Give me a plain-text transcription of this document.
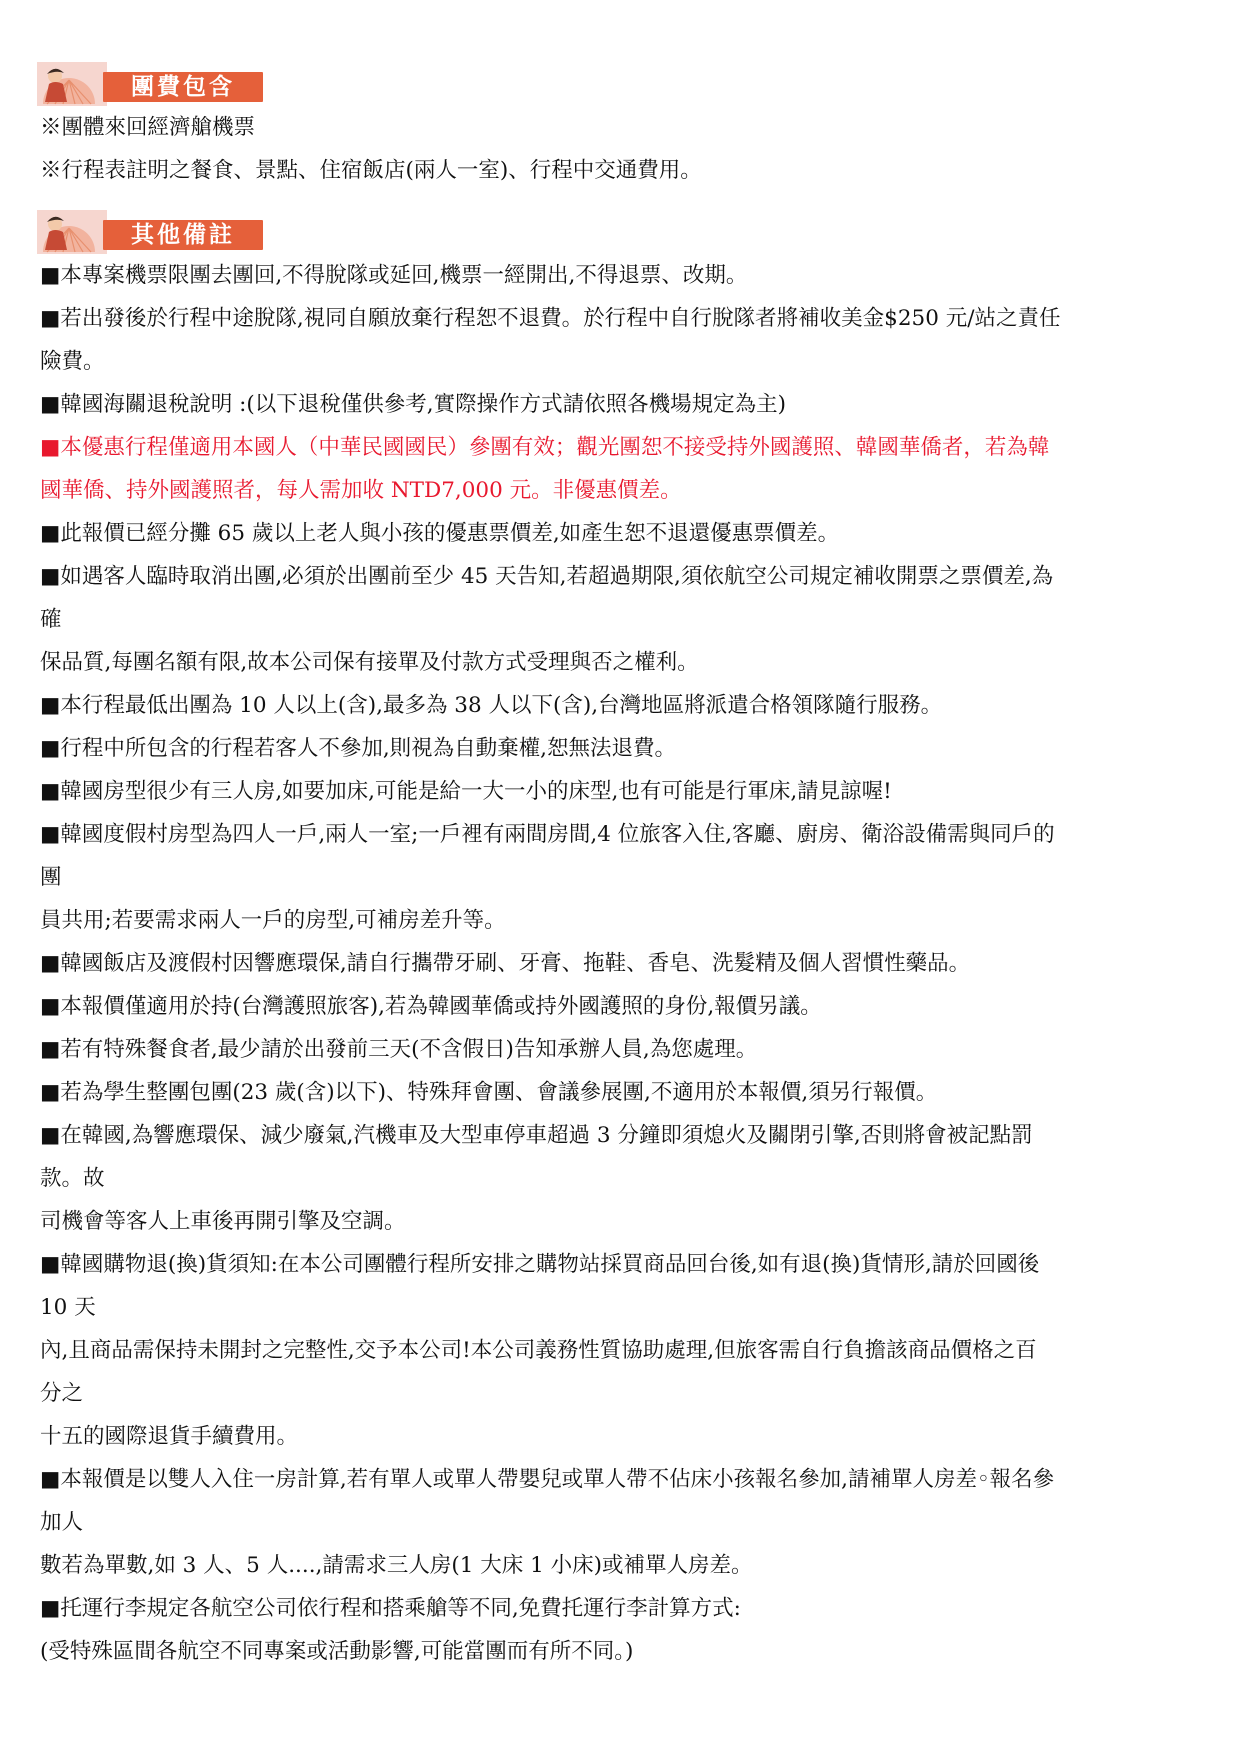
團費包含

※團體來回經濟艙機票

※行程表註明之餐食、景點、住宿飯店(兩人一室)、行程中交通費用。

其他備註

■本專案機票限團去團回,不得脫隊或延回,機票一經開出,不得退票、改期。

■若出發後於行程中途脫隊,視同自願放棄行程恕不退費。於行程中自行脫隊者將補收美金$250 元/站之責任

險費。

■韓國海關退稅說明 :(以下退稅僅供參考,實際操作方式請依照各機場規定為主)

■本優惠行程僅適用本國人（中華民國國民）參團有效；觀光團恕不接受持外國護照、韓國華僑者，若為韓

國華僑、持外國護照者，每人需加收 NTD7,000 元。非優惠價差。

■此報價已經分攤 65 歲以上老人與小孩的優惠票價差,如產生恕不退還優惠票價差。

■如遇客人臨時取消出團,必須於出團前至少 45 天告知,若超過期限,須依航空公司規定補收開票之票價差,為

確

保品質,每團名額有限,故本公司保有接單及付款方式受理與否之權利。

■本行程最低出團為 10 人以上(含),最多為 38 人以下(含),台灣地區將派遣合格領隊隨行服務。

■行程中所包含的行程若客人不參加,則視為自動棄權,恕無法退費。

■韓國房型很少有三人房,如要加床,可能是給一大一小的床型,也有可能是行軍床,請見諒喔!

■韓國度假村房型為四人一戶,兩人一室;一戶裡有兩間房間,4 位旅客入住,客廳、廚房、衛浴設備需與同戶的

團

員共用;若要需求兩人一戶的房型,可補房差升等。

■韓國飯店及渡假村因響應環保,請自行攜帶牙刷、牙膏、拖鞋、香皂、洗髮精及個人習慣性藥品。

■本報價僅適用於持(台灣護照旅客),若為韓國華僑或持外國護照的身份,報價另議。

■若有特殊餐食者,最少請於出發前三天(不含假日)告知承辦人員,為您處理。

■若為學生整團包團(23 歲(含)以下)、特殊拜會團、會議參展團,不適用於本報價,須另行報價。

■在韓國,為響應環保、減少廢氣,汽機車及大型車停車超過 3 分鐘即須熄火及關閉引擎,否則將會被記點罰

款。故

司機會等客人上車後再開引擎及空調。

■韓國購物退(換)貨須知:在本公司團體行程所安排之購物站採買商品回台後,如有退(換)貨情形,請於回國後

10 天

內,且商品需保持未開封之完整性,交予本公司!本公司義務性質協助處理,但旅客需自行負擔該商品價格之百

分之

十五的國際退貨手續費用。

■本報價是以雙人入住一房計算,若有單人或單人帶嬰兒或單人帶不佔床小孩報名參加,請補單人房差◦報名參

加人

數若為單數,如 3 人、5 人....,請需求三人房(1 大床 1 小床)或補單人房差。

■托運行李規定各航空公司依行程和搭乘艙等不同,免費托運行李計算方式:

(受特殊區間各航空不同專案或活動影響,可能當團而有所不同。)
